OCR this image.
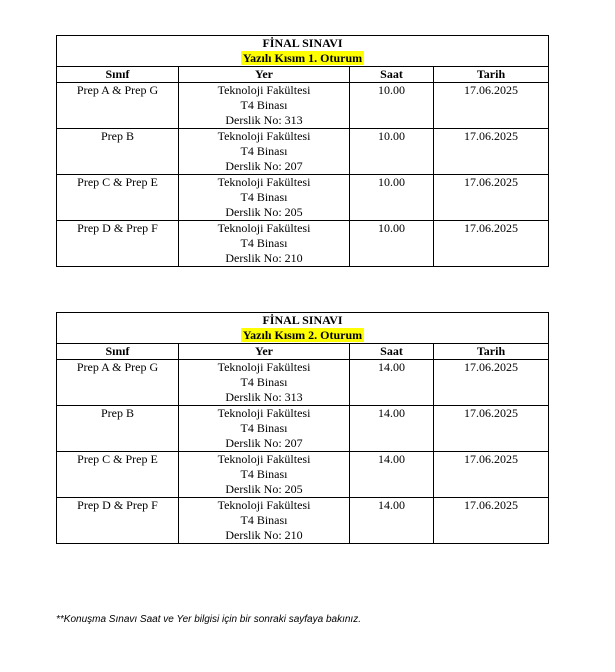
FİNAL SINAVI
Yazılı Kısım 1. Oturum			

Sınıf	Yer	Saat	Tarih
Prep A & Prep G	Teknoloji Fakültesi
T4 Binası
Derslik No: 313	10.00	17.06.2025
Prep B	Teknoloji Fakültesi
T4 Binası
Derslik No: 207	10.00	17.06.2025
Prep C & Prep E	Teknoloji Fakültesi
T4 Binası
Derslik No: 205	10.00	17.06.2025
Prep D & Prep F	Teknoloji Fakültesi
T4 Binası
Derslik No: 210	10.00	17.06.2025
FİNAL SINAVI
Yazılı Kısım 2. Oturum			

Sınıf	Yer	Saat	Tarih
Prep A & Prep G	Teknoloji Fakültesi
T4 Binası
Derslik No: 313	14.00	17.06.2025
Prep B	Teknoloji Fakültesi
T4 Binası
Derslik No: 207	14.00	17.06.2025
Prep C & Prep E	Teknoloji Fakültesi
T4 Binası
Derslik No: 205	14.00	17.06.2025
Prep D & Prep F	Teknoloji Fakültesi
T4 Binası
Derslik No: 210	14.00	17.06.2025
**Konuşma Sınavı Saat ve Yer bilgisi için bir sonraki sayfaya bakınız.
